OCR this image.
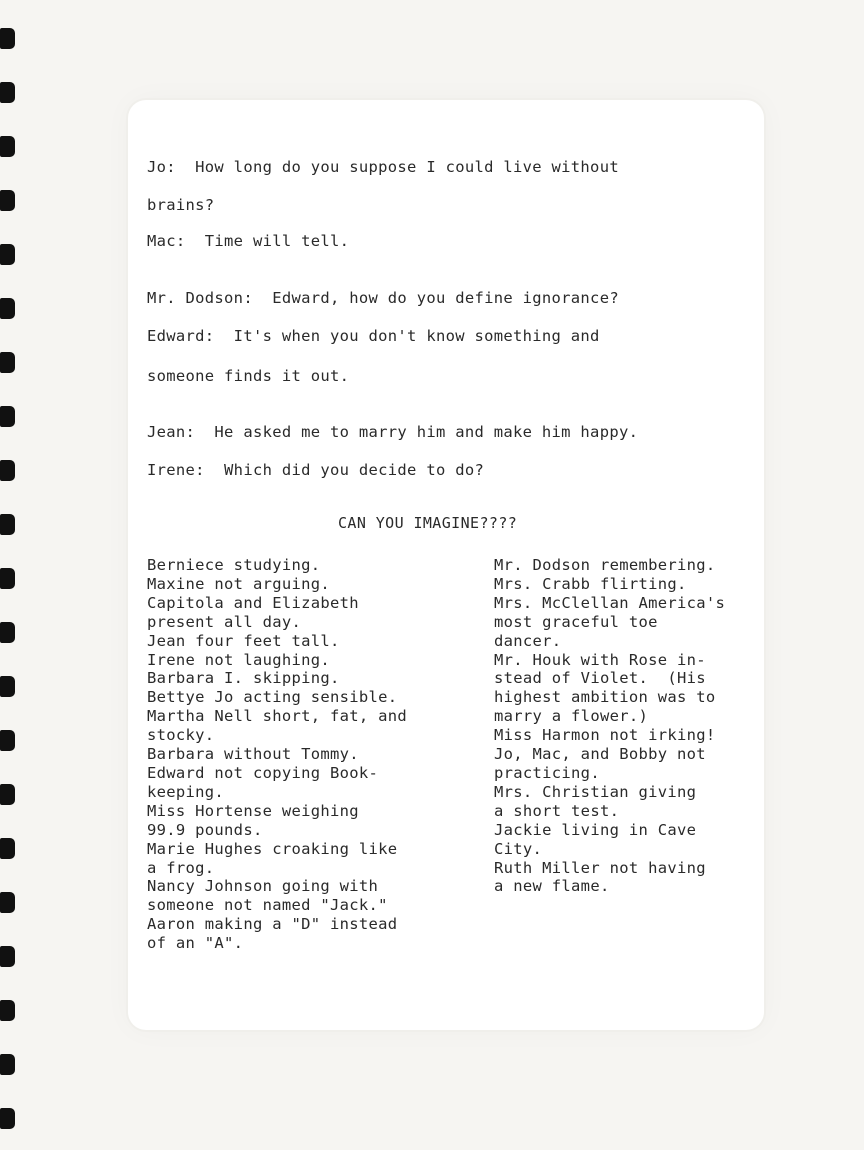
Jo:  How long do you suppose I could live without
brains?
Mac:  Time will tell.
Mr. Dodson:  Edward, how do you define ignorance?
Edward:  It's when you don't know something and
someone finds it out.
Jean:  He asked me to marry him and make him happy.
Irene:  Which did you decide to do?
CAN YOU IMAGINE????
Berniece studying.
Maxine not arguing.
Capitola and Elizabeth
present all day.
Jean four feet tall.
Irene not laughing.
Barbara I. skipping.
Bettye Jo acting sensible.
Martha Nell short, fat, and
stocky.
Barbara without Tommy.
Edward not copying Book-
keeping.
Miss Hortense weighing
99.9 pounds.
Marie Hughes croaking like
a frog.
Nancy Johnson going with
someone not named "Jack."
Aaron making a "D" instead
of an "A".
Mr. Dodson remembering.
Mrs. Crabb flirting.
Mrs. McClellan America's
most graceful toe
dancer.
Mr. Houk with Rose in-
stead of Violet.  (His
highest ambition was to
marry a flower.)
Miss Harmon not irking!
Jo, Mac, and Bobby not
practicing.
Mrs. Christian giving
a short test.
Jackie living in Cave
City.
Ruth Miller not having
a new flame.
